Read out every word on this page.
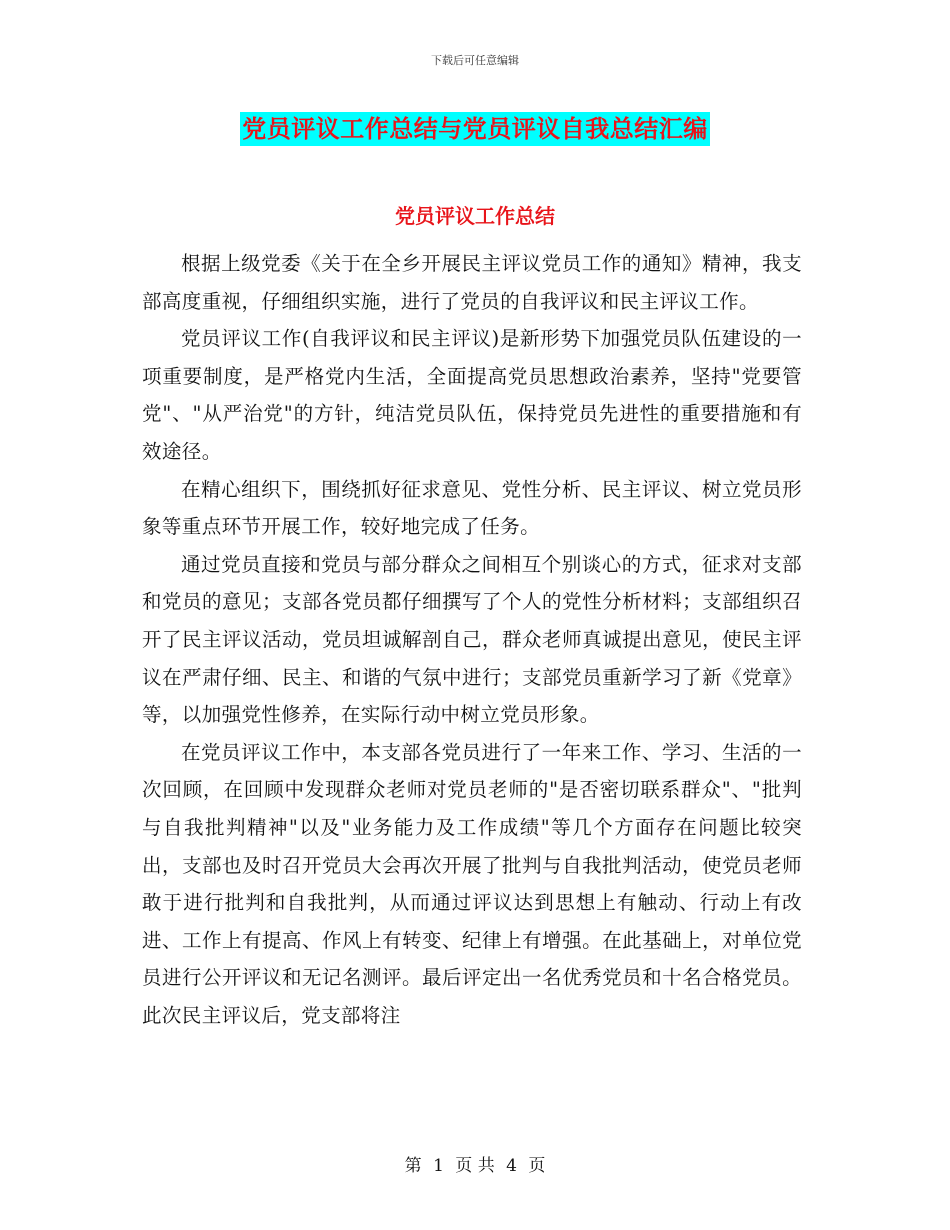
下载后可任意编辑
党员评议工作总结与党员评议自我总结汇编
党员评议工作总结

根据上级党委《关于在全乡开展民主评议党员工作的通知》精神，我支部高度重视，仔细组织实施，进行了党员的自我评议和民主评议工作。

党员评议工作(自我评议和民主评议)是新形势下加强党员队伍建设的一项重要制度，是严格党内生活，全面提高党员思想政治素养，坚持"党要管党"、"从严治党"的方针，纯洁党员队伍，保持党员先进性的重要措施和有效途径。

在精心组织下，围绕抓好征求意见、党性分析、民主评议、树立党员形象等重点环节开展工作，较好地完成了任务。

通过党员直接和党员与部分群众之间相互个别谈心的方式，征求对支部和党员的意见；支部各党员都仔细撰写了个人的党性分析材料；支部组织召开了民主评议活动，党员坦诚解剖自己，群众老师真诚提出意见，使民主评议在严肃仔细、民主、和谐的气氛中进行；支部党员重新学习了新《党章》等，以加强党性修养，在实际行动中树立党员形象。

在党员评议工作中，本支部各党员进行了一年来工作、学习、生活的一次回顾，在回顾中发现群众老师对党员老师的"是否密切联系群众"、"批判与自我批判精神"以及"业务能力及工作成绩"等几个方面存在问题比较突出，支部也及时召开党员大会再次开展了批判与自我批判活动，使党员老师敢于进行批判和自我批判，从而通过评议达到思想上有触动、行动上有改进、工作上有提高、作风上有转变、纪律上有增强。在此基础上，对单位党员进行公开评议和无记名测评。最后评定出一名优秀党员和十名合格党员。此次民主评议后，党支部将注

第 1 页 共 4 页
